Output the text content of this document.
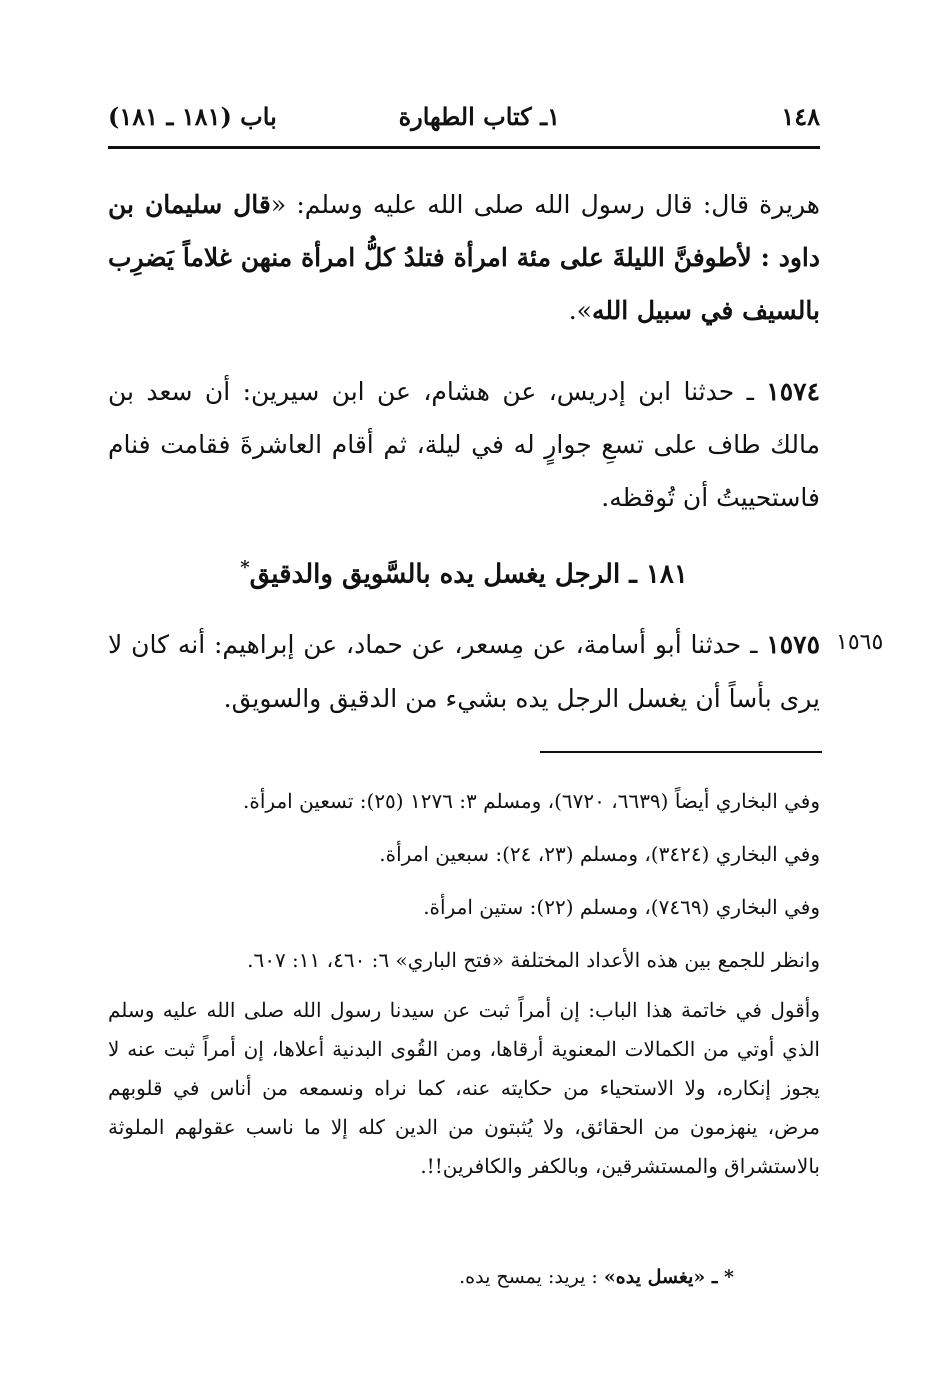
١٤٨
١ـ كتاب الطهارة
باب (١٨١ ـ ١٨١)

هريرة قال: قال رسول الله صلى الله عليه وسلم: «قال سليمان بن داود : لأطوفنَّ الليلةَ على مئة امرأة فتلدُ كلُّ امرأة منهن غلاماً يَضرِب بالسيف في سبيل الله».

١٥٧٤ ـ حدثنا ابن إدريس، عن هشام، عن ابن سيرين: أن سعد بن مالك طاف على تسعِ جوارٍ له في ليلة، ثم أقام العاشرةَ فقامت فنام فاستحييتُ أن تُوقظه.

١٨١ ـ الرجل يغسل يده بالسَّويق والدقيق*

١٥٧٥ ـ حدثنا أبو أسامة، عن مِسعر، عن حماد، عن إبراهيم: أنه كان لا يرى بأساً أن يغسل الرجل يده بشيء من الدقيق والسويق.

١٥٦٥

وفي البخاري أيضاً (٦٦٣٩، ٦٧٢٠)، ومسلم ٣: ١٢٧٦ (٢٥): تسعين امرأة.

وفي البخاري (٣٤٢٤)، ومسلم (٢٣، ٢٤): سبعين امرأة.

وفي البخاري (٧٤٦٩)، ومسلم (٢٢): ستين امرأة.

وانظر للجمع بين هذه الأعداد المختلفة «فتح الباري» ٦: ٤٦٠، ١١: ٦٠٧.

وأقول في خاتمة هذا الباب: إن أمراً ثبت عن سيدنا رسول الله صلى الله عليه وسلم الذي أوتي من الكمالات المعنوية أرقاها، ومن القُوى البدنية أعلاها، إن أمراً ثبت عنه لا يجوز إنكاره، ولا الاستحياء من حكايته عنه، كما نراه ونسمعه من أناس في قلوبهم مرض، ينهزمون من الحقائق، ولا يُثبتون من الدين كله إلا ما ناسب عقولهم الملوثة بالاستشراق والمستشرقين، وبالكفر والكافرين!!.

* ـ «يغسل يده» : يريد: يمسح يده.
